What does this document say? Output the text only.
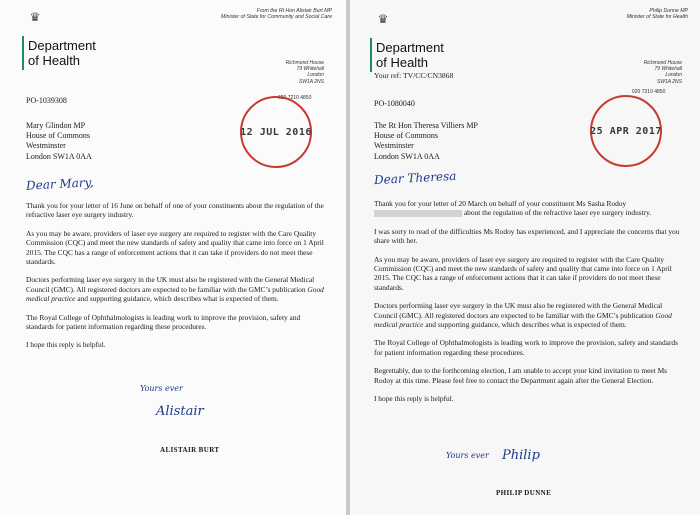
♛
Department
of Health
From the Rt Hon Alistair Burt MP
Minister of State for Community and Social Care
Richmond House
79 Whitehall
London
SW1A 2NS
020 7210 4850
PO-1039308
Mary Glindon MP
House of Commons
Westminster
London SW1A 0AA
12 JUL 2016
Dear Mary,

Thank you for your letter of 16 June on behalf of one of your constituents about the regulation of the refractive laser eye surgery industry.

As you may be aware, providers of laser eye surgery are required to register with the Care Quality Commission (CQC) and meet the new standards of safety and quality that came into force on 1 April 2015. The CQC has a range of enforcement actions that it can take if providers do not meet these standards.

Doctors performing laser eye surgery in the UK must also be registered with the General Medical Council (GMC). All registered doctors are expected to be familiar with the GMC’s publication Good medical practice and supporting guidance, which describes what is expected of them.

The Royal College of Ophthalmologists is leading work to improve the provision, safety and standards for patient information regarding these procedures.

I hope this reply is helpful.

Yours ever
Alistair
ALISTAIR BURT
♛
Department
of Health
Your ref: TV/CC/CN3868
Philip Dunne MP
Minister of State for Health
Richmond House
79 Whitehall
London
SW1A 2NS
020 7210 4850
PO-1080040
The Rt Hon Theresa Villiers MP
House of Commons
Westminster
London SW1A 0AA
25 APR 2017
Dear Theresa

Thank you for your letter of 20 March on behalf of your constituent Ms Sasha Rodoy  about the regulation of the refractive laser eye surgery industry.

I was sorry to read of the difficulties Ms Rodoy has experienced, and I appreciate the concerns that you share with her.

As you may be aware, providers of laser eye surgery are required to register with the Care Quality Commission (CQC) and meet the new standards of safety and quality that came into force on 1 April 2015. The CQC has a range of enforcement actions that it can take if providers do not meet these standards.

Doctors performing laser eye surgery in the UK must also be registered with the General Medical Council (GMC). All registered doctors are expected to be familiar with the GMC’s publication Good medical practice and supporting guidance, which describes what is expected of them.

The Royal College of Ophthalmologists is leading work to improve the provision, safety and standards for patient information regarding these procedures.

Regrettably, due to the forthcoming election, I am unable to accept your kind invitation to meet Ms Rodoy at this time. Please feel free to contact the Department again after the General Election.

I hope this reply is helpful.

Yours ever Philip
PHILIP DUNNE
